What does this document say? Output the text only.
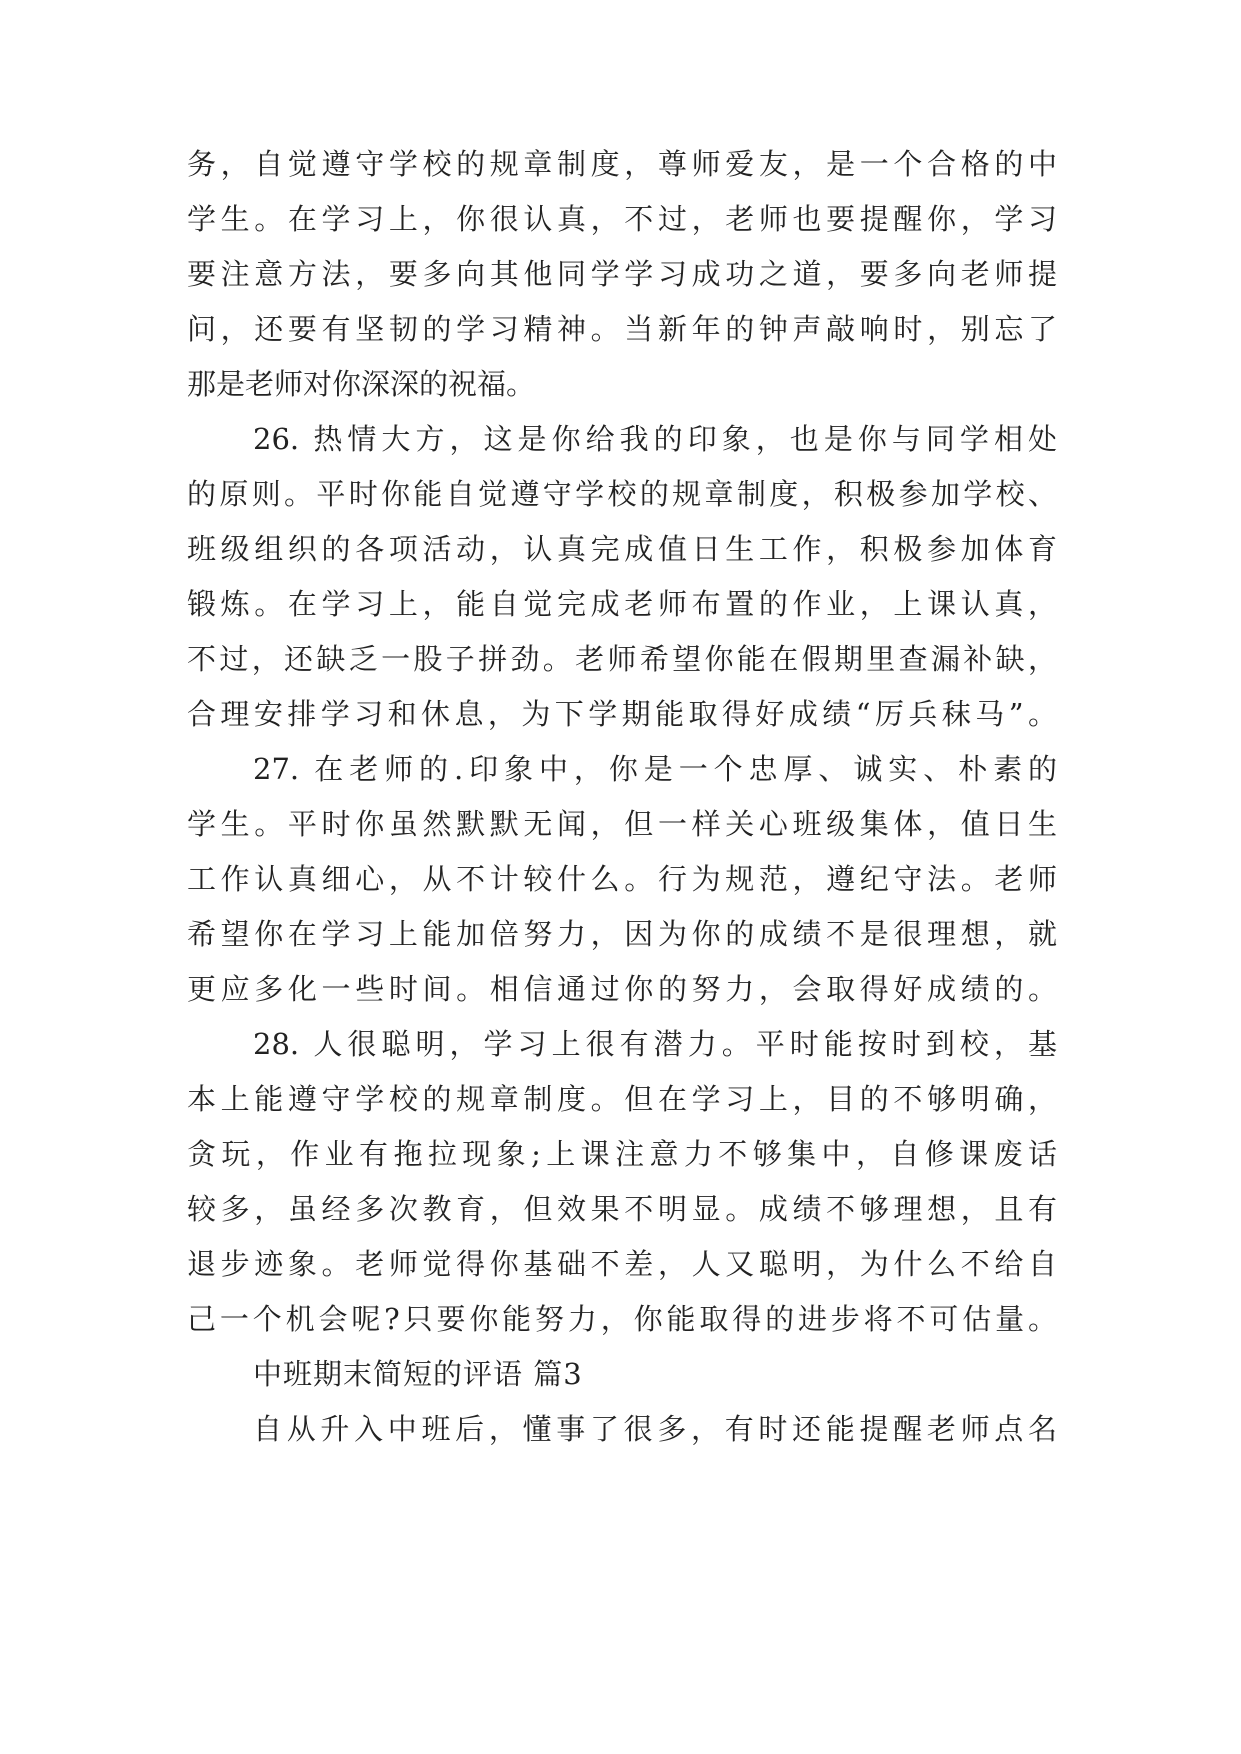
务，自觉遵守学校的规章制度，尊师爱友，是一个合格的中
学生。在学习上，你很认真，不过，老师也要提醒你，学习
要注意方法，要多向其他同学学习成功之道，要多向老师提
问，还要有坚韧的学习精神。当新年的钟声敲响时，别忘了
那是老师对你深深的祝福。
26. 热情大方，这是你给我的印象，也是你与同学相处
的原则。平时你能自觉遵守学校的规章制度，积极参加学校、
班级组织的各项活动，认真完成值日生工作，积极参加体育
锻炼。在学习上，能自觉完成老师布置的作业，上课认真，
不过，还缺乏一股子拼劲。老师希望你能在假期里查漏补缺，
合理安排学习和休息，为下学期能取得好成绩“厉兵秣马”。
27. 在老师的.印象中，你是一个忠厚、诚实、朴素的
学生。平时你虽然默默无闻，但一样关心班级集体，值日生
工作认真细心，从不计较什么。行为规范，遵纪守法。老师
希望你在学习上能加倍努力，因为你的成绩不是很理想，就
更应多化一些时间。相信通过你的努力，会取得好成绩的。
28. 人很聪明，学习上很有潜力。平时能按时到校，基
本上能遵守学校的规章制度。但在学习上，目的不够明确，
贪玩，作业有拖拉现象;上课注意力不够集中，自修课废话
较多，虽经多次教育，但效果不明显。成绩不够理想，且有
退步迹象。老师觉得你基础不差，人又聪明，为什么不给自
己一个机会呢?只要你能努力，你能取得的进步将不可估量。
中班期末简短的评语 篇3
自从升入中班后，懂事了很多，有时还能提醒老师点名
